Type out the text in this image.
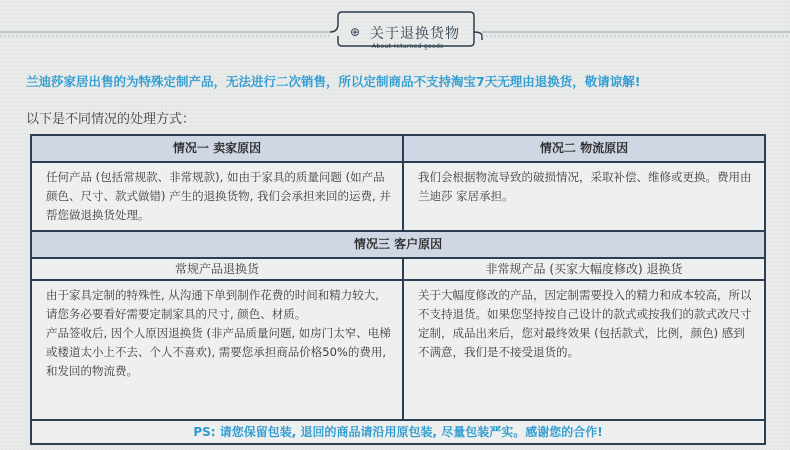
⊕ 关于退换货物
About returned goods
兰迪莎家居出售的为特殊定制产品，无法进行二次销售，所以定制商品不支持淘宝7天无理由退换货，敬请谅解!
以下是不同情况的处理方式：
情况一 卖家原因	情况二 物流原因
任何产品 (包括常规款、非常规款), 如由于家具的质量问题 (如产品颜色、尺寸、款式做错) 产生的退换货物, 我们会承担来回的运费, 并帮您做退换货处理。	我们会根据物流导致的破损情况，采取补偿、维修或更换。费用由兰迪莎 家居承担。
情况三 客户原因	
常规产品退换货	非常规产品 (买家大幅度修改) 退换货

由于家具定制的特殊性, 从沟通下单到制作花费的时间和精力较大, 请您务必要看好需要定制家具的尺寸, 颜色、材质。
产品签收后, 因个人原因退换货 (非产品质量问题, 如房门太窄、电梯或楼道太小上不去、个人不喜欢), 需要您承担商品价格50%的费用, 和发回的物流费。	关于大幅度修改的产品，因定制需要投入的精力和成本较高，所以不支持退货。如果您坚持按自己设计的款式或按我们的款式改尺寸定制，成品出来后，您对最终效果 (包括款式，比例，颜色) 感到不满意，我们是不接受退货的。
PS: 请您保留包装, 退回的商品请沿用原包装, 尽量包装严实。感谢您的合作!	
